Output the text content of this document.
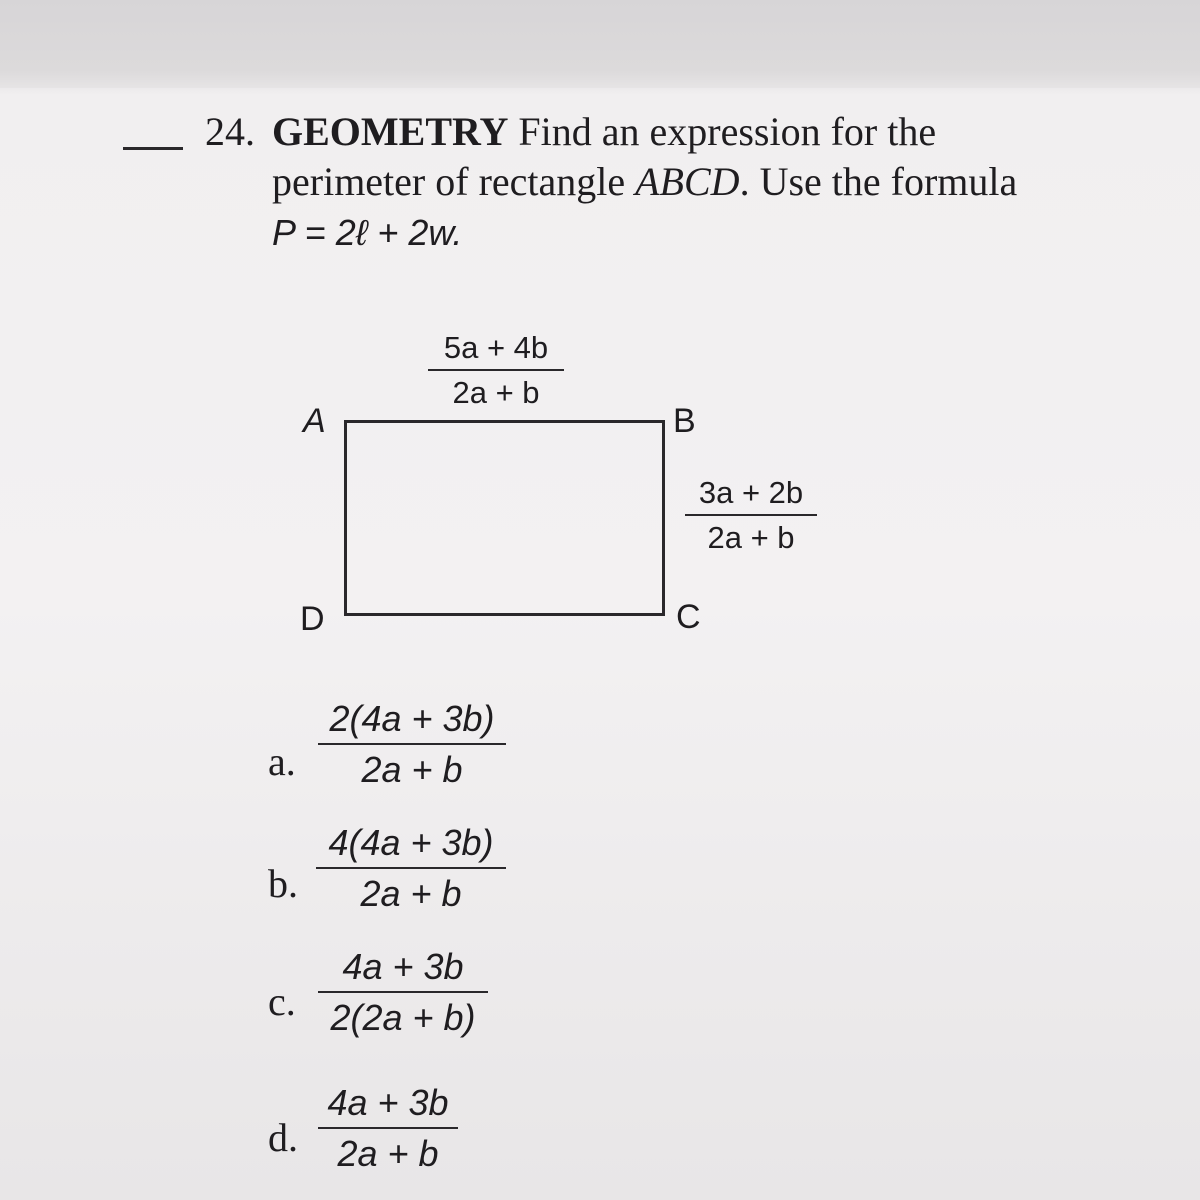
24. GEOMETRY Find an expression for the
perimeter of rectangle ABCD. Use the formula
P = 2ℓ + 2w.
5a + 4b
2a + b
A	B
C
D
3a + 2b
2a + b
a.
2(4a + 3b)
2a + b
b.
4(4a + 3b)
2a + b
c.
4a + 3b
2(2a + b)
d.
4a + 3b
2a + b
